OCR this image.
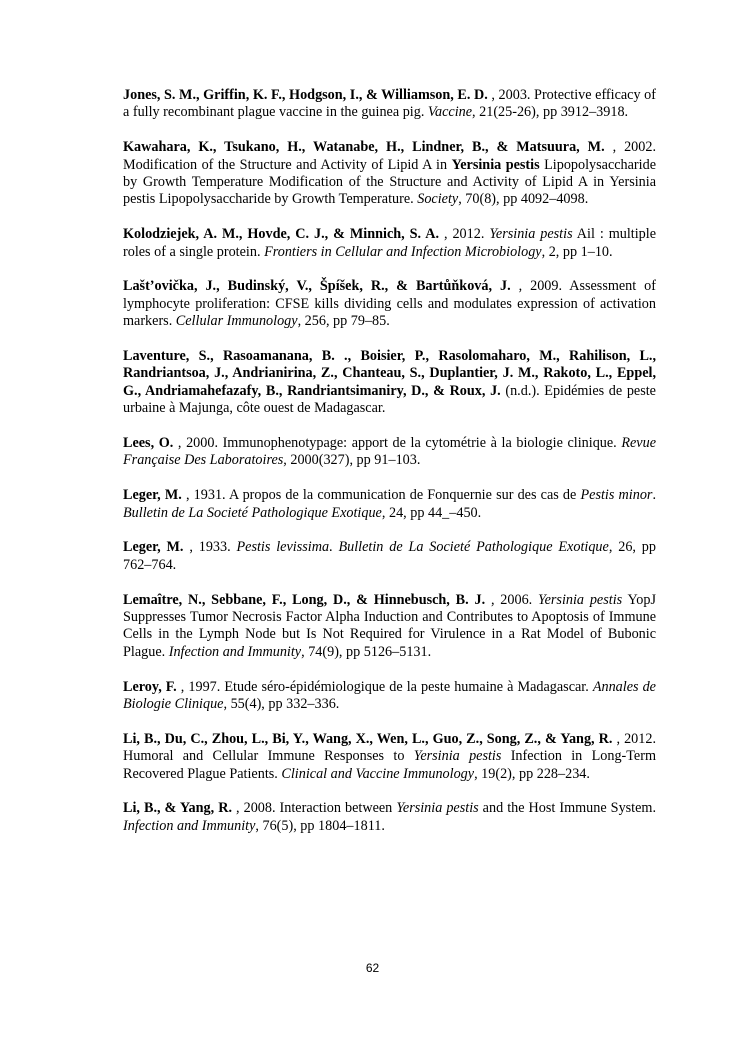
Jones, S. M., Griffin, K. F., Hodgson, I., & Williamson, E. D. , 2003. Protective efficacy of a fully recombinant plague vaccine in the guinea pig. Vaccine, 21(25-26), pp 3912–3918.

Kawahara, K., Tsukano, H., Watanabe, H., Lindner, B., & Matsuura, M. , 2002. Modification of the Structure and Activity of Lipid A in Yersinia pestis Lipopolysaccharide by Growth Temperature Modification of the Structure and Activity of Lipid A in Yersinia pestis Lipopolysaccharide by Growth Temperature. Society, 70(8), pp 4092–4098.

Kolodziejek, A. M., Hovde, C. J., & Minnich, S. A. , 2012. Yersinia pestis Ail : multiple roles of a single protein. Frontiers in Cellular and Infection Microbiology, 2, pp 1–10.

Lašt’ovička, J., Budinský, V., Špíšek, R., & Bartůňková, J. , 2009. Assessment of lymphocyte proliferation: CFSE kills dividing cells and modulates expression of activation markers. Cellular Immunology, 256, pp 79–85.

Laventure, S., Rasoamanana, B. ., Boisier, P., Rasolomaharo, M., Rahilison, L., Randriantsoa, J., Andrianirina, Z., Chanteau, S., Duplantier, J. M., Rakoto, L., Eppel, G., Andriamahefazafy, B., Randriantsimaniry, D., & Roux, J. (n.d.). Epidémies de peste urbaine à Majunga, côte ouest de Madagascar.

Lees, O. , 2000. Immunophenotypage: apport de la cytométrie à la biologie clinique. Revue Française Des Laboratoires, 2000(327), pp 91–103.

Leger, M. , 1931. A propos de la communication de Fonquernie sur des cas de Pestis minor. Bulletin de La Societé Pathologique Exotique, 24, pp 44_–450.

Leger, M. , 1933. Pestis levissima. Bulletin de La Societé Pathologique Exotique, 26, pp 762–764.

Lemaître, N., Sebbane, F., Long, D., & Hinnebusch, B. J. , 2006. Yersinia pestis YopJ Suppresses Tumor Necrosis Factor Alpha Induction and Contributes to Apoptosis of Immune Cells in the Lymph Node but Is Not Required for Virulence in a Rat Model of Bubonic Plague. Infection and Immunity, 74(9), pp 5126–5131.

Leroy, F. , 1997. Etude séro-épidémiologique de la peste humaine à Madagascar. Annales de Biologie Clinique, 55(4), pp 332–336.

Li, B., Du, C., Zhou, L., Bi, Y., Wang, X., Wen, L., Guo, Z., Song, Z., & Yang, R. , 2012. Humoral and Cellular Immune Responses to Yersinia pestis Infection in Long-Term Recovered Plague Patients. Clinical and Vaccine Immunology, 19(2), pp 228–234.

Li, B., & Yang, R. , 2008. Interaction between Yersinia pestis and the Host Immune System. Infection and Immunity, 76(5), pp 1804–1811.

62
